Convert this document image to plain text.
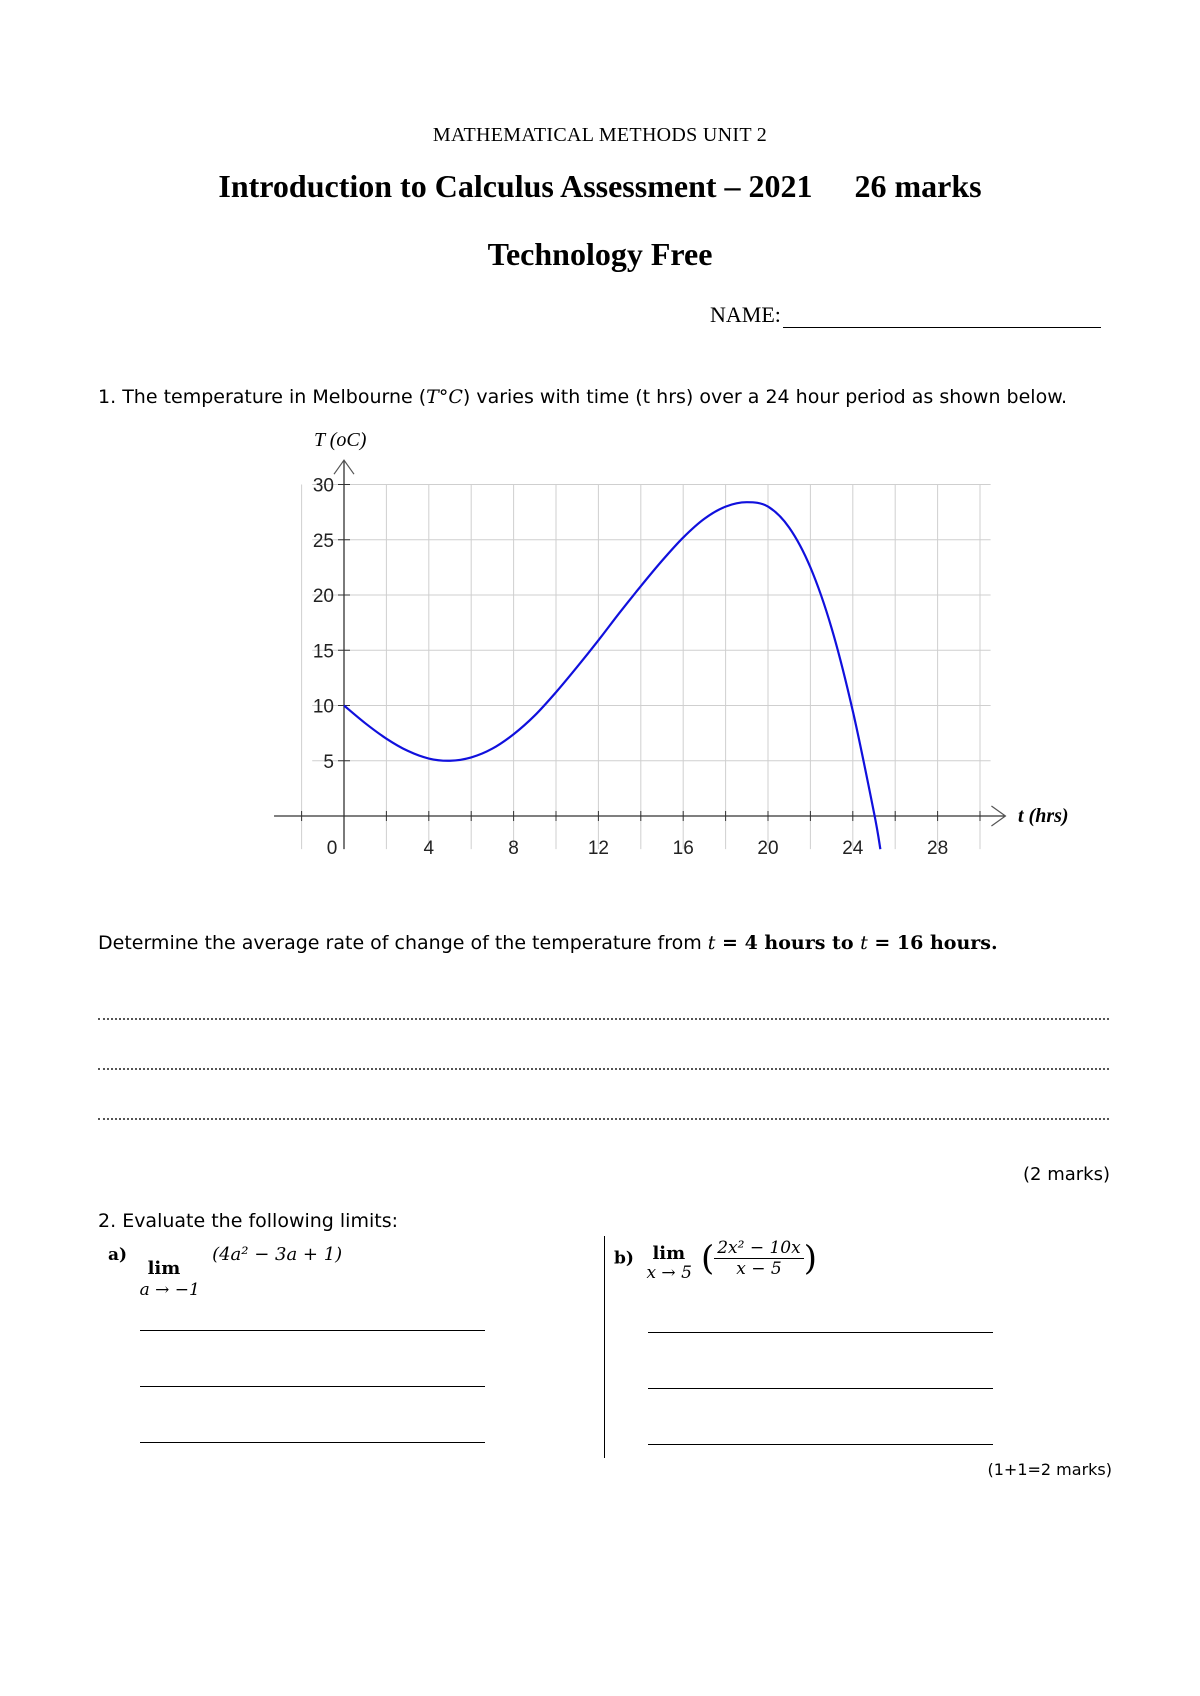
MATHEMATICAL METHODS UNIT 2
Introduction to Calculus Assessment – 2021 26 marks
Technology Free
NAME:
1. The temperature in Melbourne (T°C) varies with time (t hrs) over a 24 hour period as shown below.
0	4	8	12	16	20	24	28
5
10
15
20
25
30
T (oC)
t (hrs)
Determine the average rate of change of the temperature from t = 4 hours to t = 16 hours.
(2 marks)
2. Evaluate the following limits:
a)
lim
a → −1
(4a² − 3a + 1)	b) lim
x → 5 ( $\frac{\text{2x² − 10x}}{x - 5}$ )
(1+1=2 marks)
